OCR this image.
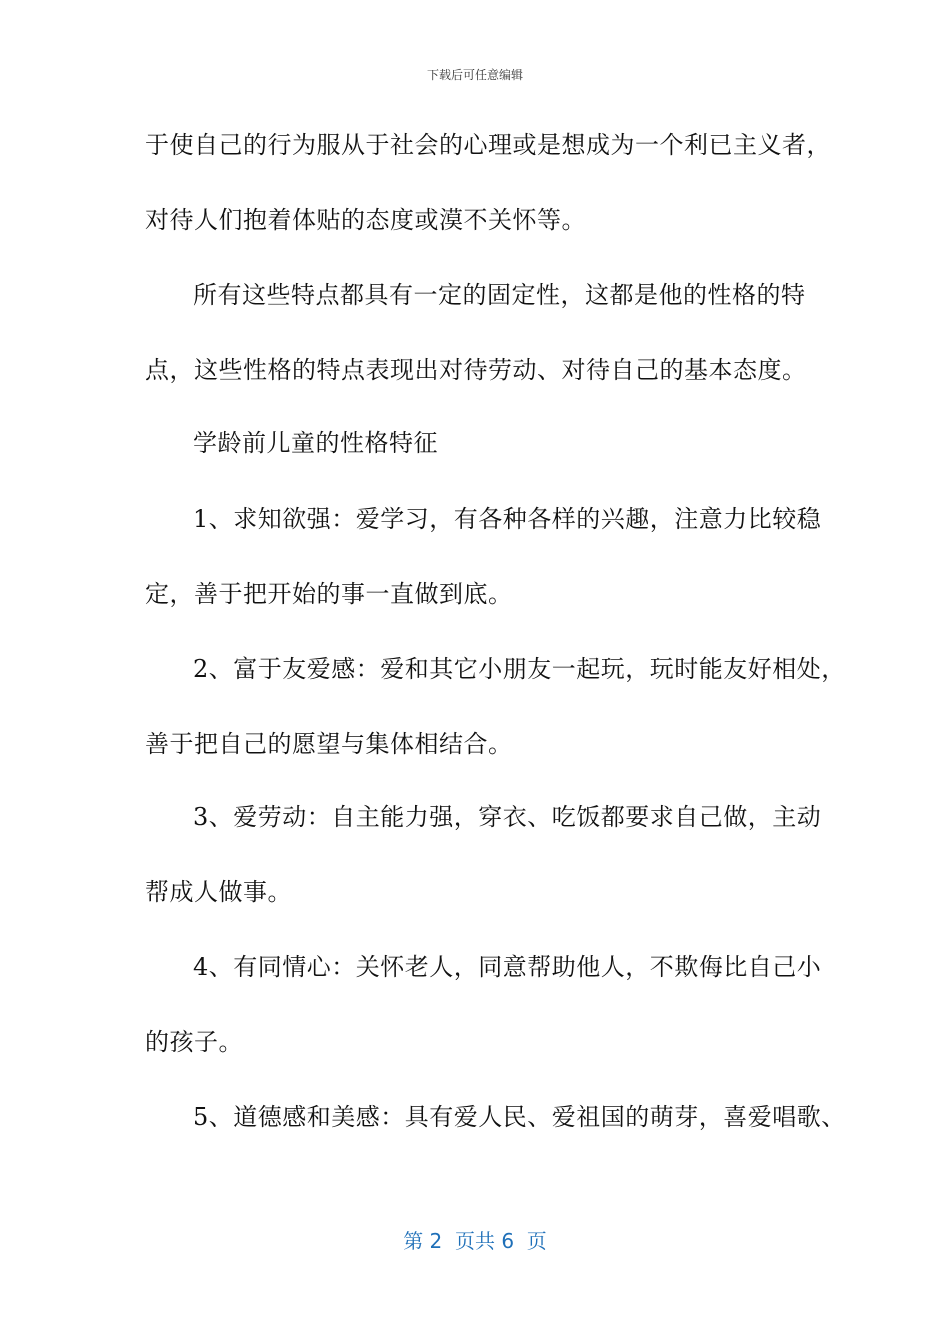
下载后可任意编辑
于使自己的行为服从于社会的心理或是想成为一个利已主义者，
对待人们抱着体贴的态度或漠不关怀等。
所有这些特点都具有一定的固定性，这都是他的性格的特
点，这些性格的特点表现出对待劳动、对待自己的基本态度。
学龄前儿童的性格特征
1、求知欲强：爱学习，有各种各样的兴趣，注意力比较稳
定，善于把开始的事一直做到底。
2、富于友爱感：爱和其它小朋友一起玩，玩时能友好相处，
善于把自己的愿望与集体相结合。
3、爱劳动：自主能力强，穿衣、吃饭都要求自己做，主动
帮成人做事。
4、有同情心：关怀老人，同意帮助他人，不欺侮比自己小
的孩子。
5、道德感和美感：具有爱人民、爱祖国的萌芽，喜爱唱歌、
第 2  页共 6  页
